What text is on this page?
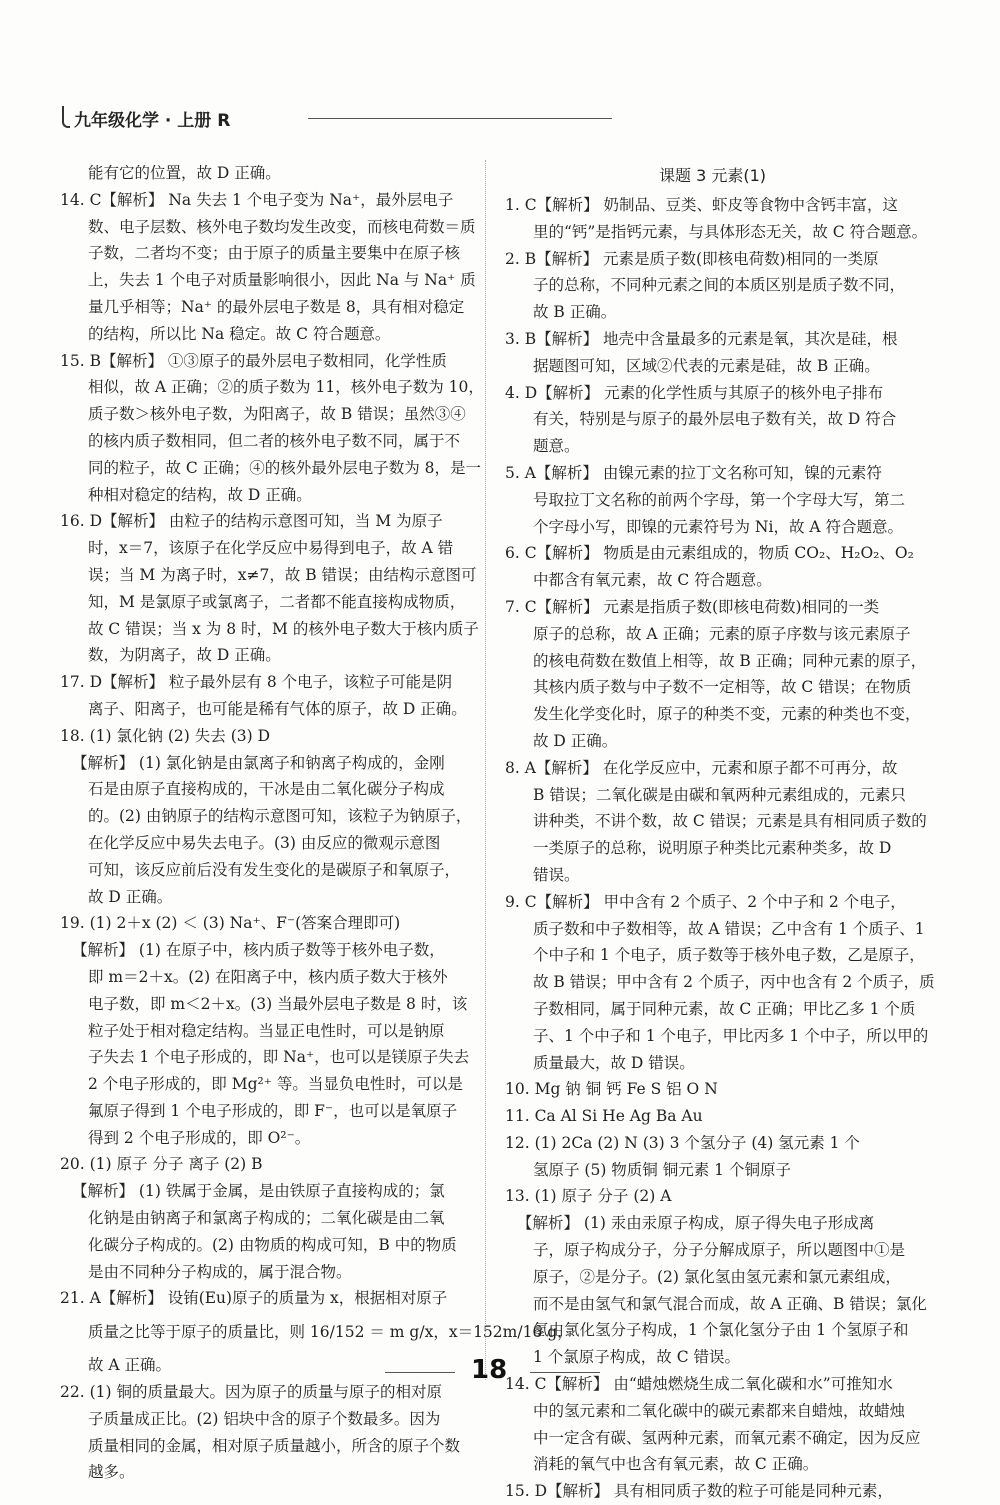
九年级化学 · 上册 R
能有它的位置，故 D 正确。
14. C【解析】 Na 失去 1 个电子变为 Na⁺，最外层电子
数、电子层数、核外电子数均发生改变，而核电荷数＝质
子数，二者均不变；由于原子的质量主要集中在原子核
上，失去 1 个电子对质量影响很小，因此 Na 与 Na⁺ 质
量几乎相等；Na⁺ 的最外层电子数是 8，具有相对稳定
的结构，所以比 Na 稳定。故 C 符合题意。
15. B【解析】 ①③原子的最外层电子数相同，化学性质
相似，故 A 正确；②的质子数为 11，核外电子数为 10，
质子数＞核外电子数，为阳离子，故 B 错误；虽然③④
的核内质子数相同，但二者的核外电子数不同，属于不
同的粒子，故 C 正确；④的核外最外层电子数为 8，是一
种相对稳定的结构，故 D 正确。
16. D【解析】 由粒子的结构示意图可知，当 M 为原子
时，x＝7，该原子在化学反应中易得到电子，故 A 错
误；当 M 为离子时，x≠7，故 B 错误；由结构示意图可
知，M 是氯原子或氯离子，二者都不能直接构成物质，
故 C 错误；当 x 为 8 时，M 的核外电子数大于核内质子
数，为阴离子，故 D 正确。
17. D【解析】 粒子最外层有 8 个电子，该粒子可能是阴
离子、阳离子，也可能是稀有气体的原子，故 D 正确。
18. (1) 氯化钠 (2) 失去 (3) D
【解析】 (1) 氯化钠是由氯离子和钠离子构成的，金刚
石是由原子直接构成的，干冰是由二氧化碳分子构成
的。(2) 由钠原子的结构示意图可知，该粒子为钠原子，
在化学反应中易失去电子。(3) 由反应的微观示意图
可知，该反应前后没有发生变化的是碳原子和氧原子，
故 D 正确。
19. (1) 2＋x (2) ＜ (3) Na⁺、F⁻(答案合理即可)
【解析】 (1) 在原子中，核内质子数等于核外电子数，
即 m＝2＋x。(2) 在阳离子中，核内质子数大于核外
电子数，即 m＜2＋x。(3) 当最外层电子数是 8 时，该
粒子处于相对稳定结构。当显正电性时，可以是钠原
子失去 1 个电子形成的，即 Na⁺，也可以是镁原子失去
2 个电子形成的，即 Mg²⁺ 等。当显负电性时，可以是
氟原子得到 1 个电子形成的，即 F⁻，也可以是氧原子
得到 2 个电子形成的，即 O²⁻。
20. (1) 原子 分子 离子 (2) B
【解析】 (1) 铁属于金属，是由铁原子直接构成的；氯
化钠是由钠离子和氯离子构成的；二氧化碳是由二氧
化碳分子构成的。(2) 由物质的构成可知，B 中的物质
是由不同种分子构成的，属于混合物。
21. A【解析】 设铕(Eu)原子的质量为 x，根据相对原子
质量之比等于原子的质量比，则 16/152 ＝ m g/x，x＝152m/16 g，
故 A 正确。
22. (1) 铜的质量最大。因为原子的质量与原子的相对原
子质量成正比。(2) 铝块中含的原子个数最多。因为
质量相同的金属，相对原子质量越小，所含的原子个数
越多。
课题 3 元素(1)
1. C【解析】 奶制品、豆类、虾皮等食物中含钙丰富，这
里的“钙”是指钙元素，与具体形态无关，故 C 符合题意。
2. B【解析】 元素是质子数(即核电荷数)相同的一类原
子的总称，不同种元素之间的本质区别是质子数不同，
故 B 正确。
3. B【解析】 地壳中含量最多的元素是氧，其次是硅，根
据题图可知，区域②代表的元素是硅，故 B 正确。
4. D【解析】 元素的化学性质与其原子的核外电子排布
有关，特别是与原子的最外层电子数有关，故 D 符合
题意。
5. A【解析】 由镍元素的拉丁文名称可知，镍的元素符
号取拉丁文名称的前两个字母，第一个字母大写，第二
个字母小写，即镍的元素符号为 Ni，故 A 符合题意。
6. C【解析】 物质是由元素组成的，物质 CO₂、H₂O₂、O₂
中都含有氧元素，故 C 符合题意。
7. C【解析】 元素是指质子数(即核电荷数)相同的一类
原子的总称，故 A 正确；元素的原子序数与该元素原子
的核电荷数在数值上相等，故 B 正确；同种元素的原子，
其核内质子数与中子数不一定相等，故 C 错误；在物质
发生化学变化时，原子的种类不变，元素的种类也不变，
故 D 正确。
8. A【解析】 在化学反应中，元素和原子都不可再分，故
B 错误；二氧化碳是由碳和氧两种元素组成的，元素只
讲种类，不讲个数，故 C 错误；元素是具有相同质子数的
一类原子的总称，说明原子种类比元素种类多，故 D
错误。
9. C【解析】 甲中含有 2 个质子、2 个中子和 2 个电子，
质子数和中子数相等，故 A 错误；乙中含有 1 个质子、1
个中子和 1 个电子，质子数等于核外电子数，乙是原子，
故 B 错误；甲中含有 2 个质子，丙中也含有 2 个质子，质
子数相同，属于同种元素，故 C 正确；甲比乙多 1 个质
子、1 个中子和 1 个电子，甲比丙多 1 个中子，所以甲的
质量最大，故 D 错误。
10. Mg 钠 铜 钙 Fe S 铝 O N
11. Ca Al Si He Ag Ba Au
12. (1) 2Ca (2) N (3) 3 个氢分子 (4) 氢元素 1 个
氢原子 (5) 物质铜 铜元素 1 个铜原子
13. (1) 原子 分子 (2) A
【解析】 (1) 汞由汞原子构成，原子得失电子形成离
子，原子构成分子，分子分解成原子，所以题图中①是
原子，②是分子。(2) 氯化氢由氢元素和氯元素组成，
而不是由氢气和氯气混合而成，故 A 正确、B 错误；氯化
氢由氯化氢分子构成，1 个氯化氢分子由 1 个氢原子和
1 个氯原子构成，故 C 错误。
14. C【解析】 由“蜡烛燃烧生成二氧化碳和水”可推知水
中的氢元素和二氧化碳中的碳元素都来自蜡烛，故蜡烛
中一定含有碳、氢两种元素，而氧元素不确定，因为反应
消耗的氧气中也含有氧元素，故 C 正确。
15. D【解析】 具有相同质子数的粒子可能是同种元素，
18
